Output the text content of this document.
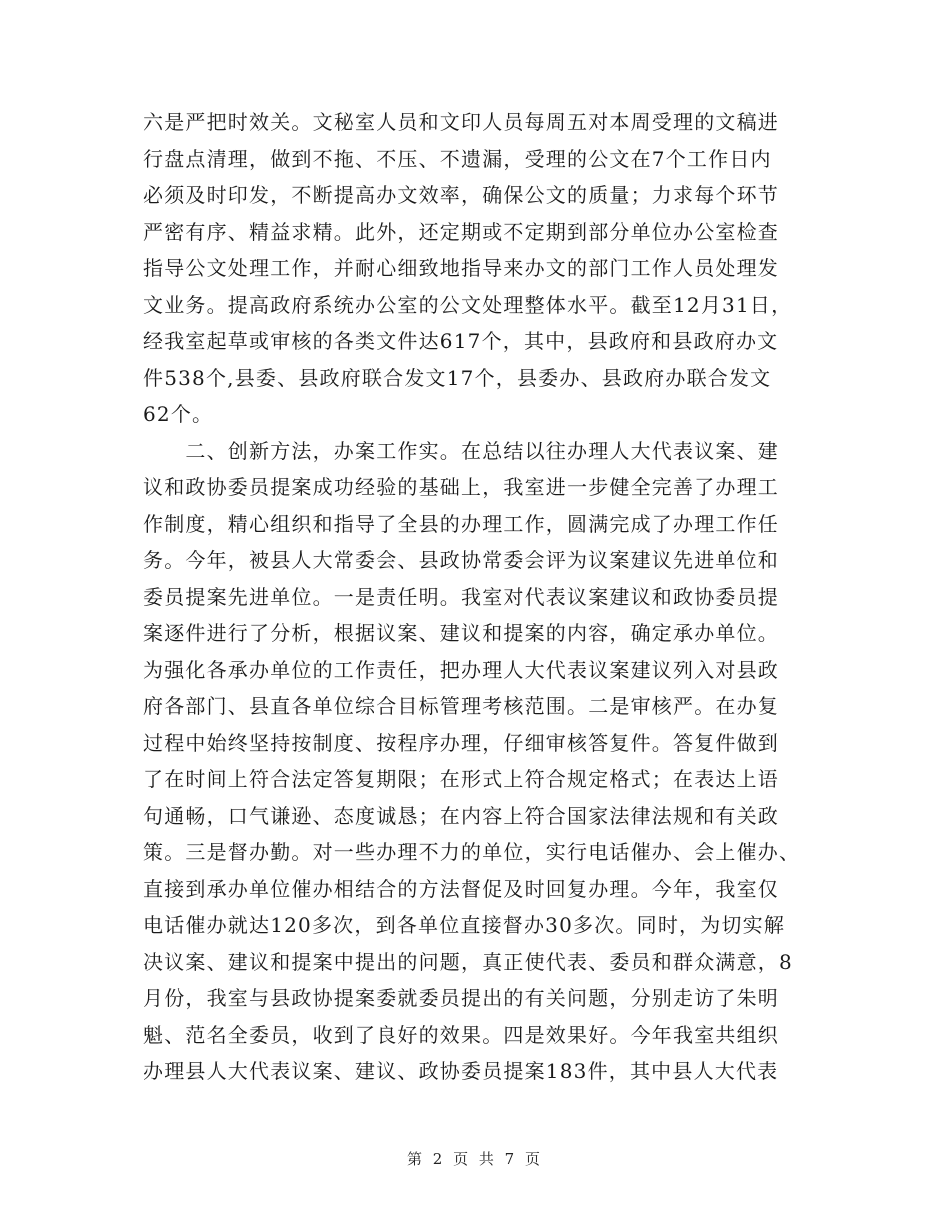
六是严把时效关。文秘室人员和文印人员每周五对本周受理的文稿进
行盘点清理，做到不拖、不压、不遗漏，受理的公文在7个工作日内
必须及时印发，不断提高办文效率，确保公文的质量；力求每个环节
严密有序、精益求精。此外，还定期或不定期到部分单位办公室检查
指导公文处理工作，并耐心细致地指导来办文的部门工作人员处理发
文业务。提高政府系统办公室的公文处理整体水平。截至12月31日，
经我室起草或审核的各类文件达617个，其中，县政府和县政府办文
件538个,县委、县政府联合发文17个，县委办、县政府办联合发文
62个。
　　二、创新方法，办案工作实。在总结以往办理人大代表议案、建
议和政协委员提案成功经验的基础上，我室进一步健全完善了办理工
作制度，精心组织和指导了全县的办理工作，圆满完成了办理工作任
务。今年，被县人大常委会、县政协常委会评为议案建议先进单位和
委员提案先进单位。一是责任明。我室对代表议案建议和政协委员提
案逐件进行了分析，根据议案、建议和提案的内容，确定承办单位。
为强化各承办单位的工作责任，把办理人大代表议案建议列入对县政
府各部门、县直各单位综合目标管理考核范围。二是审核严。在办复
过程中始终坚持按制度、按程序办理，仔细审核答复件。答复件做到
了在时间上符合法定答复期限；在形式上符合规定格式；在表达上语
句通畅，口气谦逊、态度诚恳；在内容上符合国家法律法规和有关政
策。三是督办勤。对一些办理不力的单位，实行电话催办、会上催办、
直接到承办单位催办相结合的方法督促及时回复办理。今年，我室仅
电话催办就达120多次，到各单位直接督办30多次。同时，为切实解
决议案、建议和提案中提出的问题，真正使代表、委员和群众满意，8
月份，我室与县政协提案委就委员提出的有关问题，分别走访了朱明
魁、范名全委员，收到了良好的效果。四是效果好。今年我室共组织
办理县人大代表议案、建议、政协委员提案183件，其中县人大代表
第 2 页 共 7 页
